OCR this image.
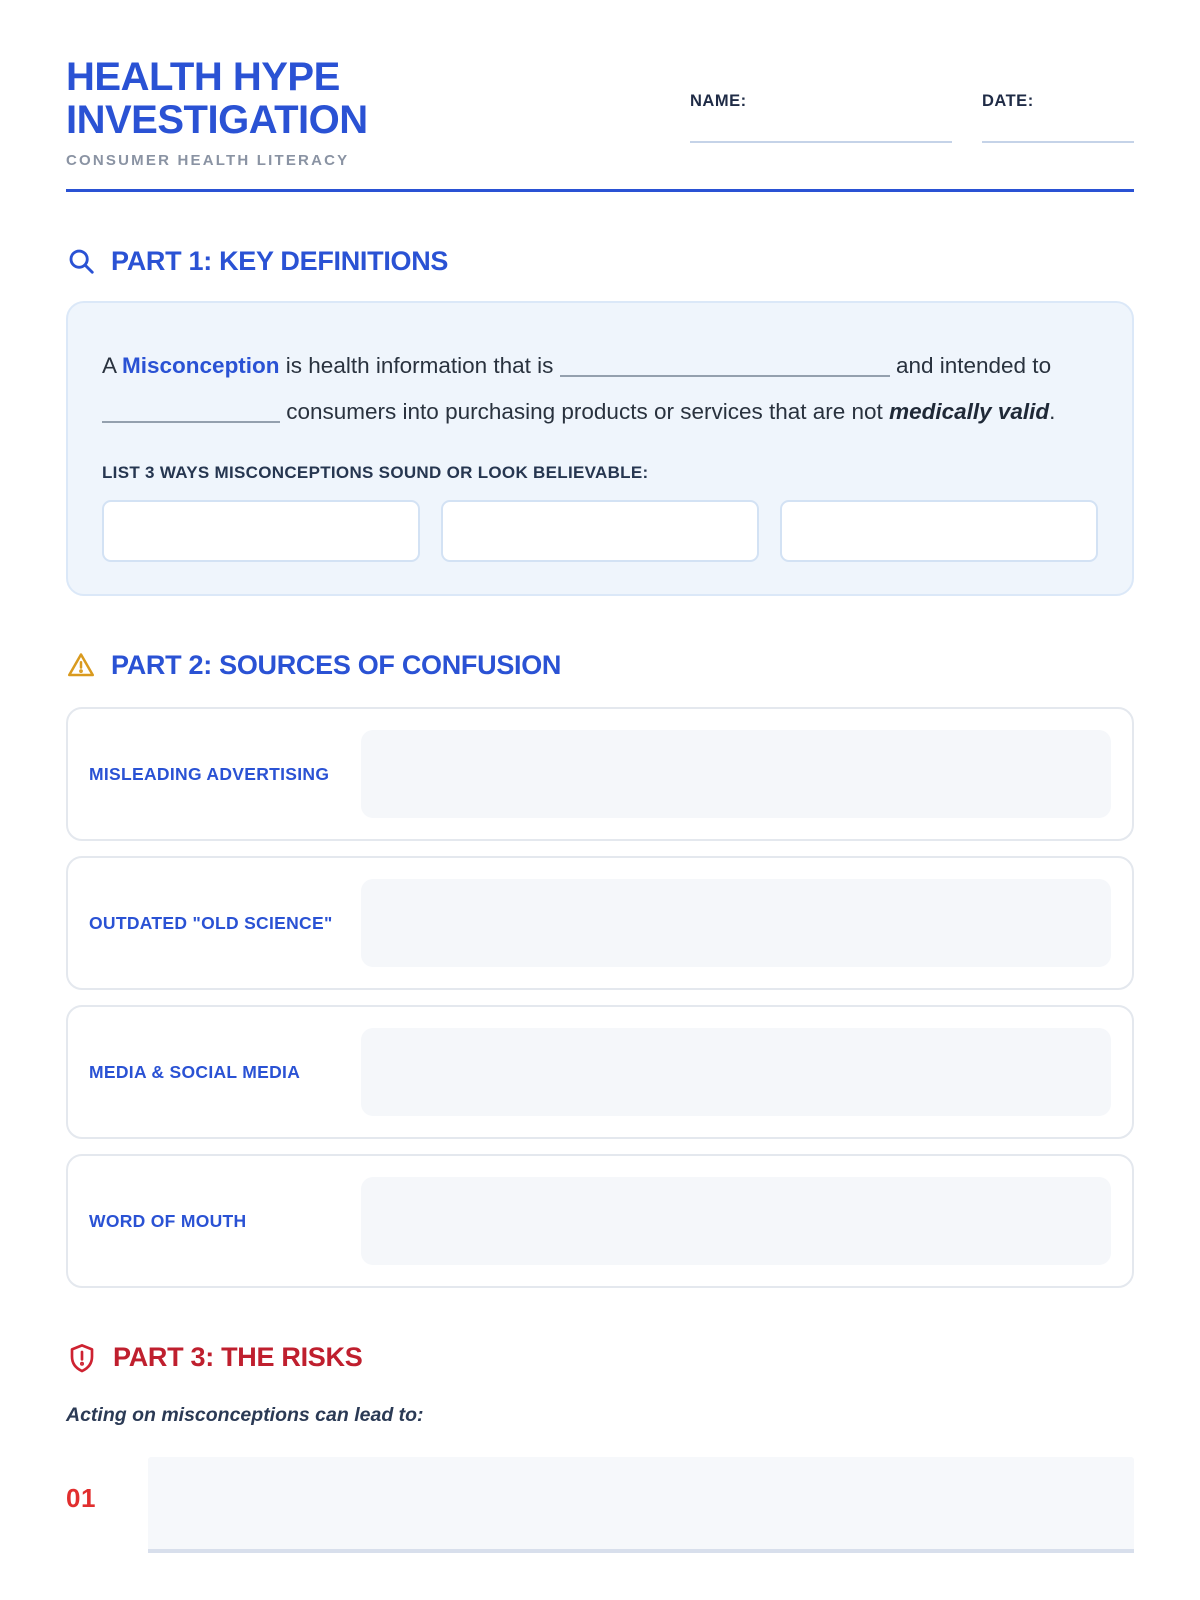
HEALTH HYPE
INVESTIGATION
CONSUMER HEALTH LITERACY
NAME:	DATE:
PART 1: KEY DEFINITIONS
A Misconception is health information that is	and intended to  consumers into purchasing products or services that are not medically valid.
LIST 3 WAYS MISCONCEPTIONS SOUND OR LOOK BELIEVABLE:
PART 2: SOURCES OF CONFUSION
MISLEADING ADVERTISING
OUTDATED "OLD SCIENCE"
MEDIA & SOCIAL MEDIA
WORD OF MOUTH
PART 3: THE RISKS
Acting on misconceptions can lead to:
01
